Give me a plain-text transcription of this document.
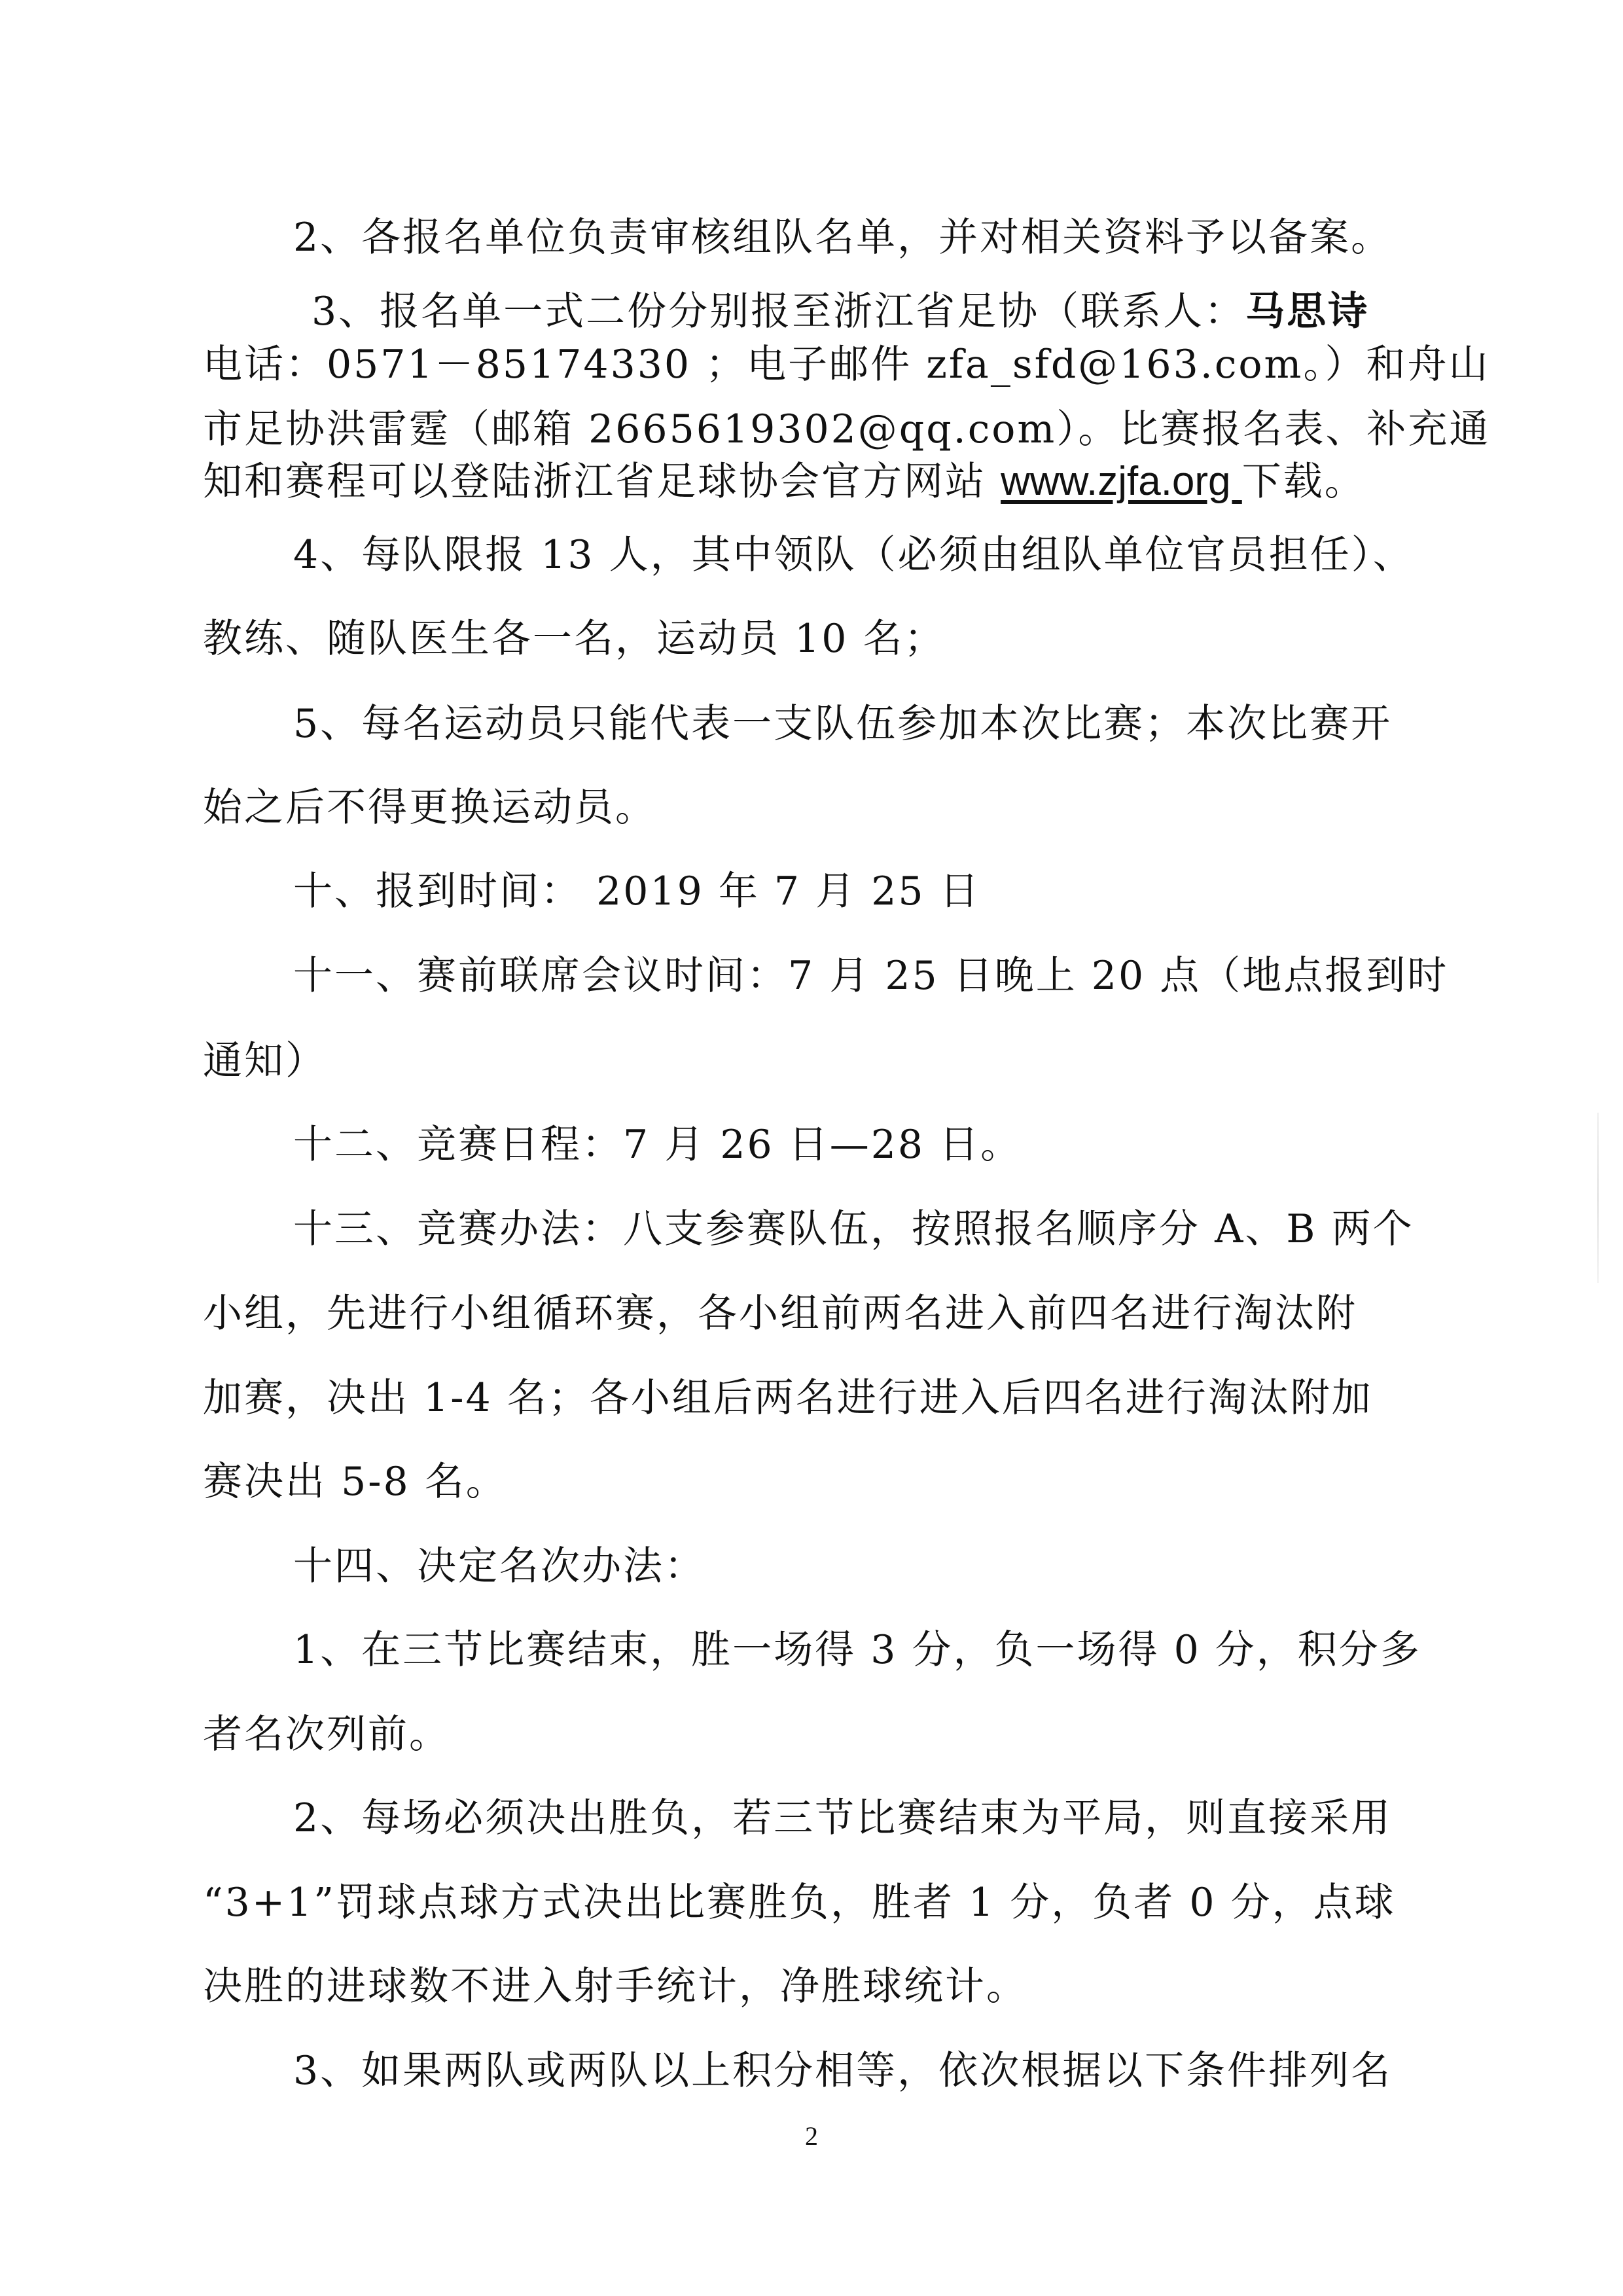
2、各报名单位负责审核组队名单，并对相关资料予以备案。
3、报名单一式二份分别报至浙江省足协（联系人：马思诗
电话：0571－85174330 ；电子邮件 zfa_sfd@163.com。）和舟山
市足协洪雷霆（邮箱 2665619302@qq.com）。比赛报名表、补充通
知和赛程可以登陆浙江省足球协会官方网站 www.zjfa.org 下载。
4、每队限报 13 人，其中领队（必须由组队单位官员担任）、
教练、随队医生各一名，运动员 10 名；
5、每名运动员只能代表一支队伍参加本次比赛；本次比赛开
始之后不得更换运动员。
十、报到时间： 2019 年 7 月 25 日
十一、赛前联席会议时间：7 月 25 日晚上 20 点（地点报到时
通知）
十二、竞赛日程：7 月 26 日—28 日。
十三、竞赛办法：八支参赛队伍，按照报名顺序分 A、B 两个
小组，先进行小组循环赛，各小组前两名进入前四名进行淘汰附
加赛，决出 1-4 名；各小组后两名进行进入后四名进行淘汰附加
赛决出 5-8 名。
十四、决定名次办法：
1、在三节比赛结束，胜一场得 3 分，负一场得 0 分，积分多
者名次列前。
2、每场必须决出胜负，若三节比赛结束为平局，则直接采用
“3+1”罚球点球方式决出比赛胜负，胜者 1 分，负者 0 分，点球
决胜的进球数不进入射手统计，净胜球统计。
3、如果两队或两队以上积分相等，依次根据以下条件排列名
2
